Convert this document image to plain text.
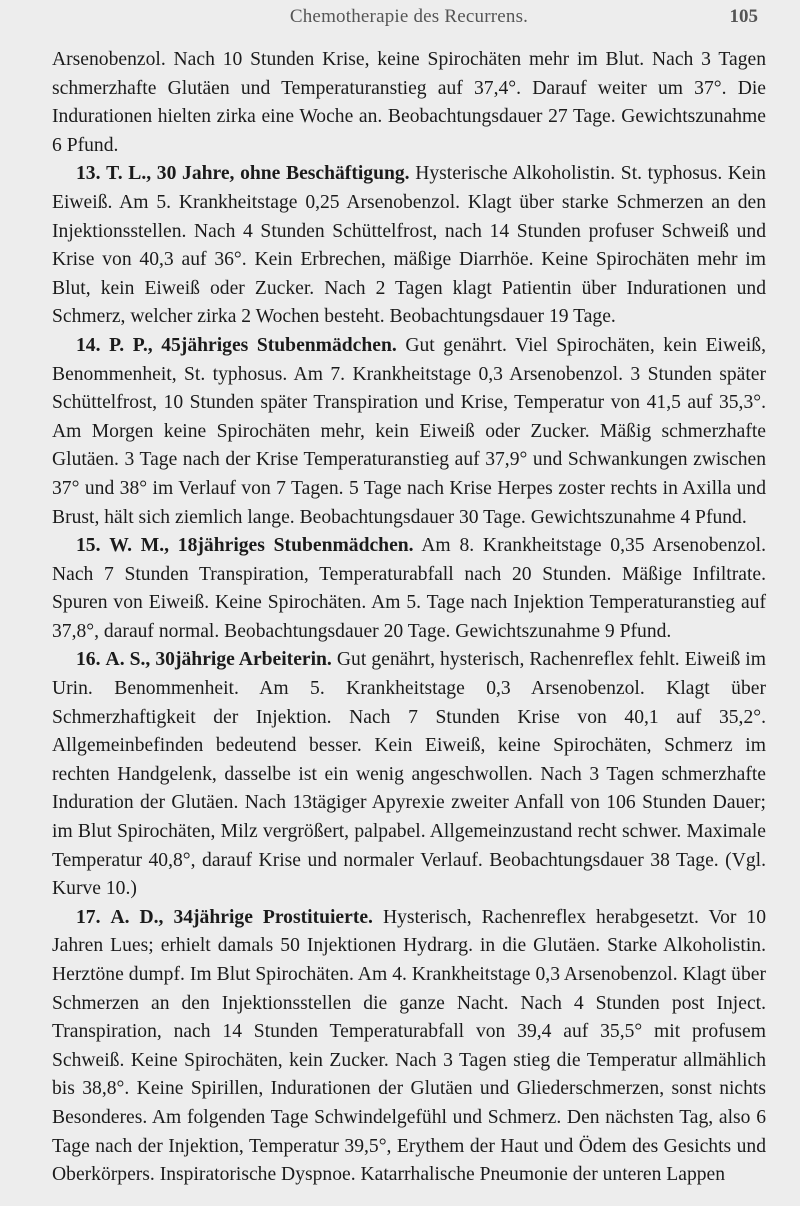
Chemotherapie des Recurrens.	105

Arsenobenzol. Nach 10 Stunden Krise, keine Spirochäten mehr im Blut. Nach 3 Tagen schmerzhafte Glutäen und Temperaturanstieg auf 37,4°. Darauf weiter um 37°. Die Indurationen hielten zirka eine Woche an. Beobachtungsdauer 27 Tage. Gewichtszunahme 6 Pfund.

13. T. L., 30 Jahre, ohne Beschäftigung. Hysterische Alkoholistin. St. typhosus. Kein Eiweiß. Am 5. Krankheitstage 0,25 Arsenobenzol. Klagt über starke Schmerzen an den Injektionsstellen. Nach 4 Stunden Schüttelfrost, nach 14 Stunden profuser Schweiß und Krise von 40,3 auf 36°. Kein Erbrechen, mäßige Diarrhöe. Keine Spirochäten mehr im Blut, kein Eiweiß oder Zucker. Nach 2 Tagen klagt Patientin über Indurationen und Schmerz, welcher zirka 2 Wochen besteht. Beobachtungsdauer 19 Tage.

14. P. P., 45jähriges Stubenmädchen. Gut genährt. Viel Spirochäten, kein Eiweiß, Benommenheit, St. typhosus. Am 7. Krankheitstage 0,3 Arsenobenzol. 3 Stunden später Schüttelfrost, 10 Stunden später Transpiration und Krise, Temperatur von 41,5 auf 35,3°. Am Morgen keine Spirochäten mehr, kein Eiweiß oder Zucker. Mäßig schmerzhafte Glutäen. 3 Tage nach der Krise Temperaturanstieg auf 37,9° und Schwankungen zwischen 37° und 38° im Verlauf von 7 Tagen. 5 Tage nach Krise Herpes zoster rechts in Axilla und Brust, hält sich ziemlich lange. Beobachtungsdauer 30 Tage. Gewichtszunahme 4 Pfund.

15. W. M., 18jähriges Stubenmädchen. Am 8. Krankheitstage 0,35 Arsenobenzol. Nach 7 Stunden Transpiration, Temperaturabfall nach 20 Stunden. Mäßige Infiltrate. Spuren von Eiweiß. Keine Spirochäten. Am 5. Tage nach Injektion Temperaturanstieg auf 37,8°, darauf normal. Beobachtungsdauer 20 Tage. Gewichtszunahme 9 Pfund.

16. A. S., 30jährige Arbeiterin. Gut genährt, hysterisch, Rachenreflex fehlt. Eiweiß im Urin. Benommenheit. Am 5. Krankheitstage 0,3 Arsenobenzol. Klagt über Schmerzhaftigkeit der Injektion. Nach 7 Stunden Krise von 40,1 auf 35,2°. Allgemeinbefinden bedeutend besser. Kein Eiweiß, keine Spirochäten, Schmerz im rechten Handgelenk, dasselbe ist ein wenig angeschwollen. Nach 3 Tagen schmerzhafte Induration der Glutäen. Nach 13tägiger Apyrexie zweiter Anfall von 106 Stunden Dauer; im Blut Spirochäten, Milz vergrößert, palpabel. Allgemeinzustand recht schwer. Maximale Temperatur 40,8°, darauf Krise und normaler Verlauf. Beobachtungsdauer 38 Tage. (Vgl. Kurve 10.)

17. A. D., 34jährige Prostituierte. Hysterisch, Rachenreflex herabgesetzt. Vor 10 Jahren Lues; erhielt damals 50 Injektionen Hydrarg. in die Glutäen. Starke Alkoholistin. Herztöne dumpf. Im Blut Spirochäten. Am 4. Krankheitstage 0,3 Arsenobenzol. Klagt über Schmerzen an den Injektionsstellen die ganze Nacht. Nach 4 Stunden post Inject. Transpiration, nach 14 Stunden Temperaturabfall von 39,4 auf 35,5° mit profusem Schweiß. Keine Spirochäten, kein Zucker. Nach 3 Tagen stieg die Temperatur allmählich bis 38,8°. Keine Spirillen, Indurationen der Glutäen und Gliederschmerzen, sonst nichts Besonderes. Am folgenden Tage Schwindelgefühl und Schmerz. Den nächsten Tag, also 6 Tage nach der Injektion, Temperatur 39,5°, Erythem der Haut und Ödem des Gesichts und Oberkörpers. Inspiratorische Dyspnoe. Katarrhalische Pneumonie der unteren Lappen
